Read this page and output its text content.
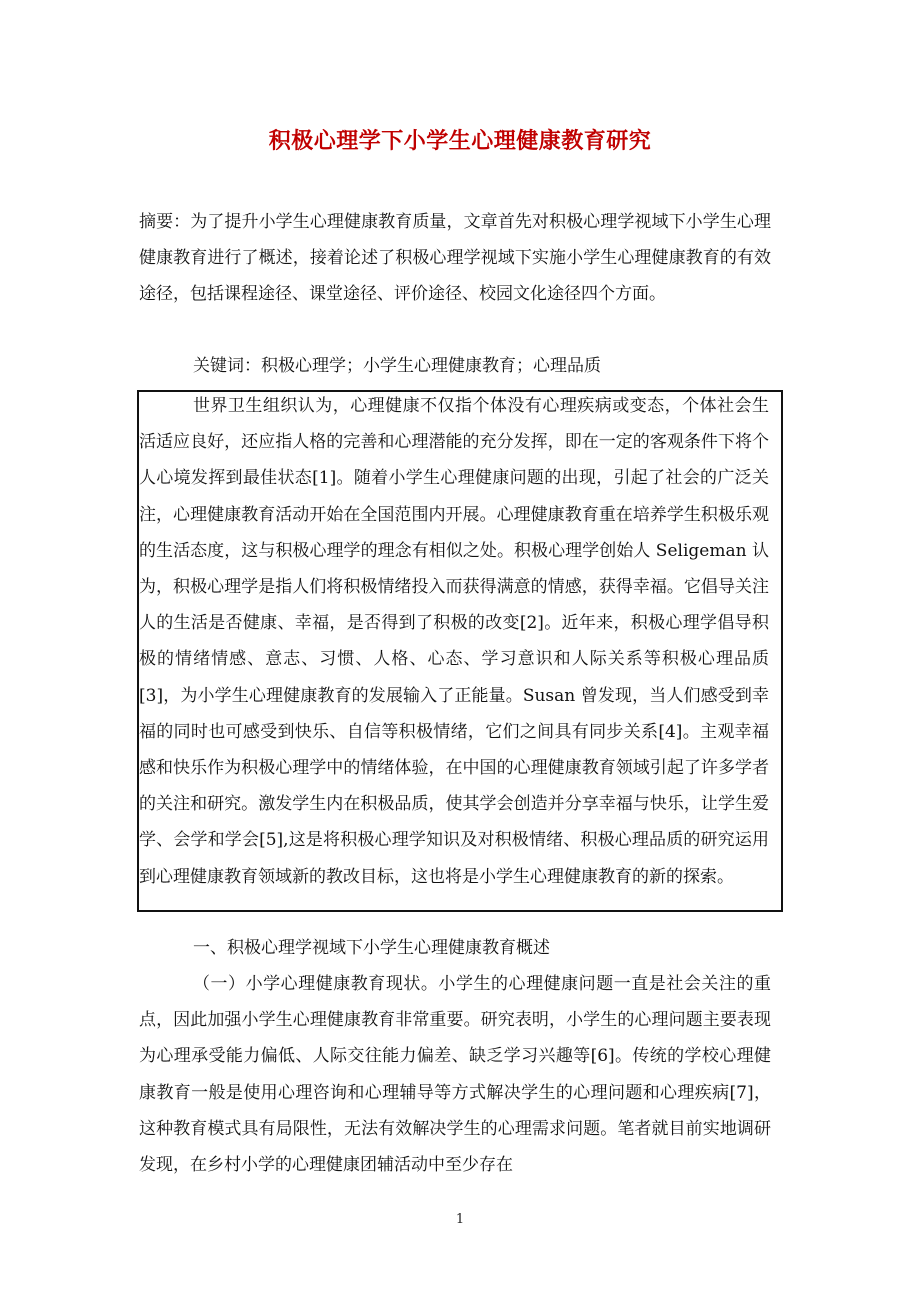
积极心理学下小学生心理健康教育研究

摘要：为了提升小学生心理健康教育质量，文章首先对积极心理学视域下小学生心理健康教育进行了概述，接着论述了积极心理学视域下实施小学生心理健康教育的有效途径，包括课程途径、课堂途径、评价途径、校园文化途径四个方面。

关键词：积极心理学；小学生心理健康教育；心理品质

世界卫生组织认为，心理健康不仅指个体没有心理疾病或变态，个体社会生活适应良好，还应指人格的完善和心理潜能的充分发挥，即在一定的客观条件下将个人心境发挥到最佳状态[1]。随着小学生心理健康问题的出现，引起了社会的广泛关注，心理健康教育活动开始在全国范围内开展。心理健康教育重在培养学生积极乐观的生活态度，这与积极心理学的理念有相似之处。积极心理学创始人 Seligeman 认为，积极心理学是指人们将积极情绪投入而获得满意的情感，获得幸福。它倡导关注人的生活是否健康、幸福，是否得到了积极的改变[2]。近年来，积极心理学倡导积极的情绪情感、意志、习惯、人格、心态、学习意识和人际关系等积极心理品质[3]，为小学生心理健康教育的发展输入了正能量。Susan 曾发现，当人们感受到幸福的同时也可感受到快乐、自信等积极情绪，它们之间具有同步关系[4]。主观幸福感和快乐作为积极心理学中的情绪体验，在中国的心理健康教育领域引起了许多学者的关注和研究。激发学生内在积极品质，使其学会创造并分享幸福与快乐，让学生爱学、会学和学会[5],这是将积极心理学知识及对积极情绪、积极心理品质的研究运用到心理健康教育领域新的教改目标，这也将是小学生心理健康教育的新的探索。

一、积极心理学视域下小学生心理健康教育概述

（一）小学心理健康教育现状。小学生的心理健康问题一直是社会关注的重点，因此加强小学生心理健康教育非常重要。研究表明，小学生的心理问题主要表现为心理承受能力偏低、人际交往能力偏差、缺乏学习兴趣等[6]。传统的学校心理健康教育一般是使用心理咨询和心理辅导等方式解决学生的心理问题和心理疾病[7]，这种教育模式具有局限性，无法有效解决学生的心理需求问题。笔者就目前实地调研发现，在乡村小学的心理健康团辅活动中至少存在

1
